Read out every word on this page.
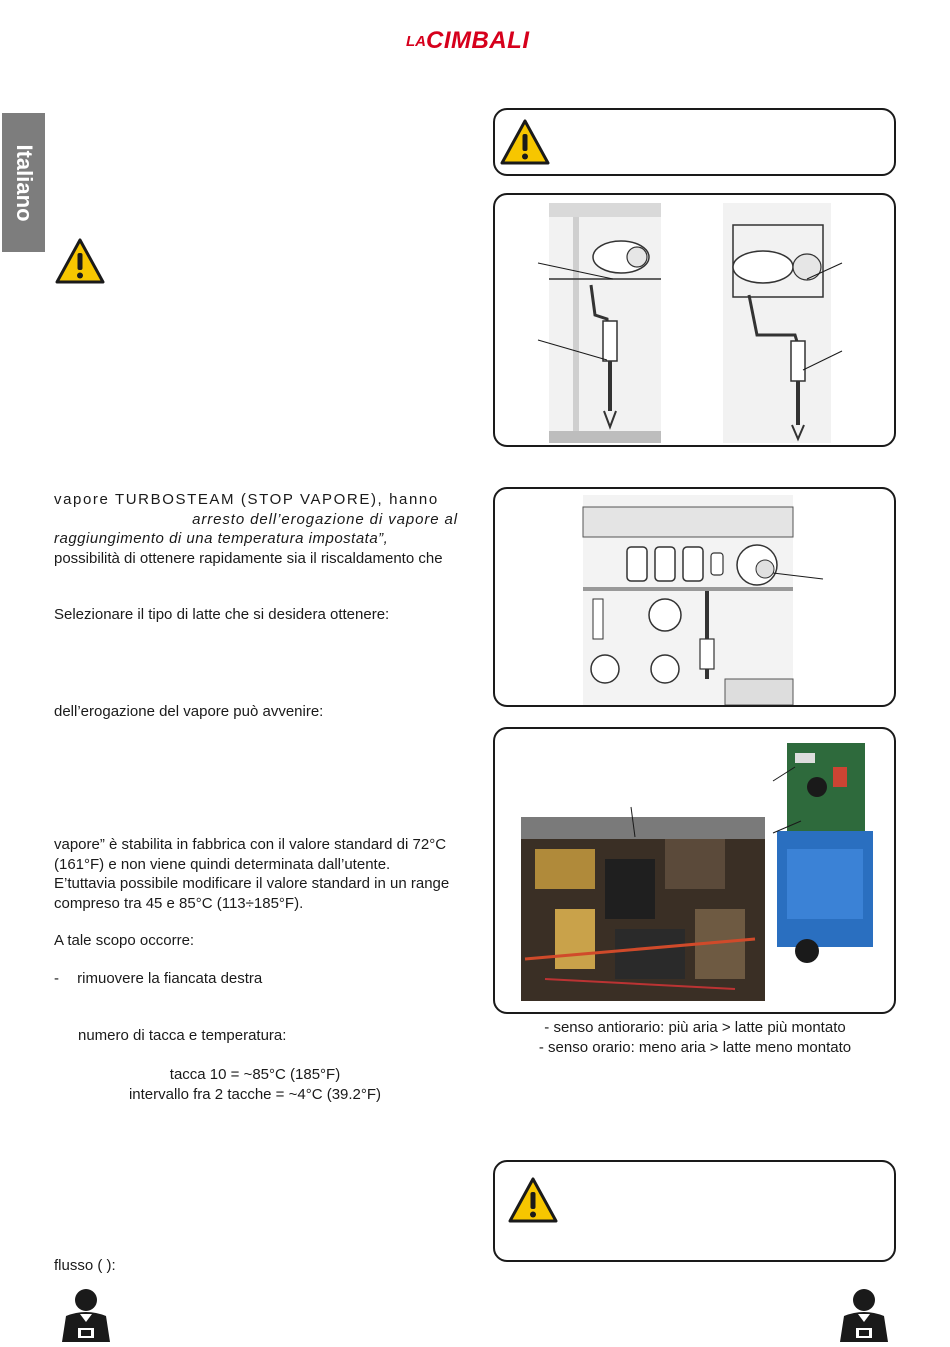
LA CIMBALI
Italiano
vapore TURBOSTEAM (STOP VAPORE), hanno
arresto dell’erogazione di vapore al
raggiungimento di una temperatura impostata”,
possibilità di ottenere rapidamente sia il riscaldamento che
Selezionare il tipo di latte che si desidera ottenere:
dell’erogazione del vapore può avvenire:
vapore” è stabilita in fabbrica con il valore standard di 72°C
(161°F) e non viene quindi determinata dall’utente.
E’tuttavia possibile modificare il valore standard in un range
compreso tra 45 e 85°C (113÷185°F).
A tale scopo occorre:
- rimuovere la fiancata destra
numero di tacca e temperatura:
tacca 10 = ~85°C (185°F)
intervallo fra 2 tacche = ~4°C (39.2°F)
flusso ( ):
- senso antiorario: più aria > latte più montato
- senso orario: meno aria > latte meno montato
